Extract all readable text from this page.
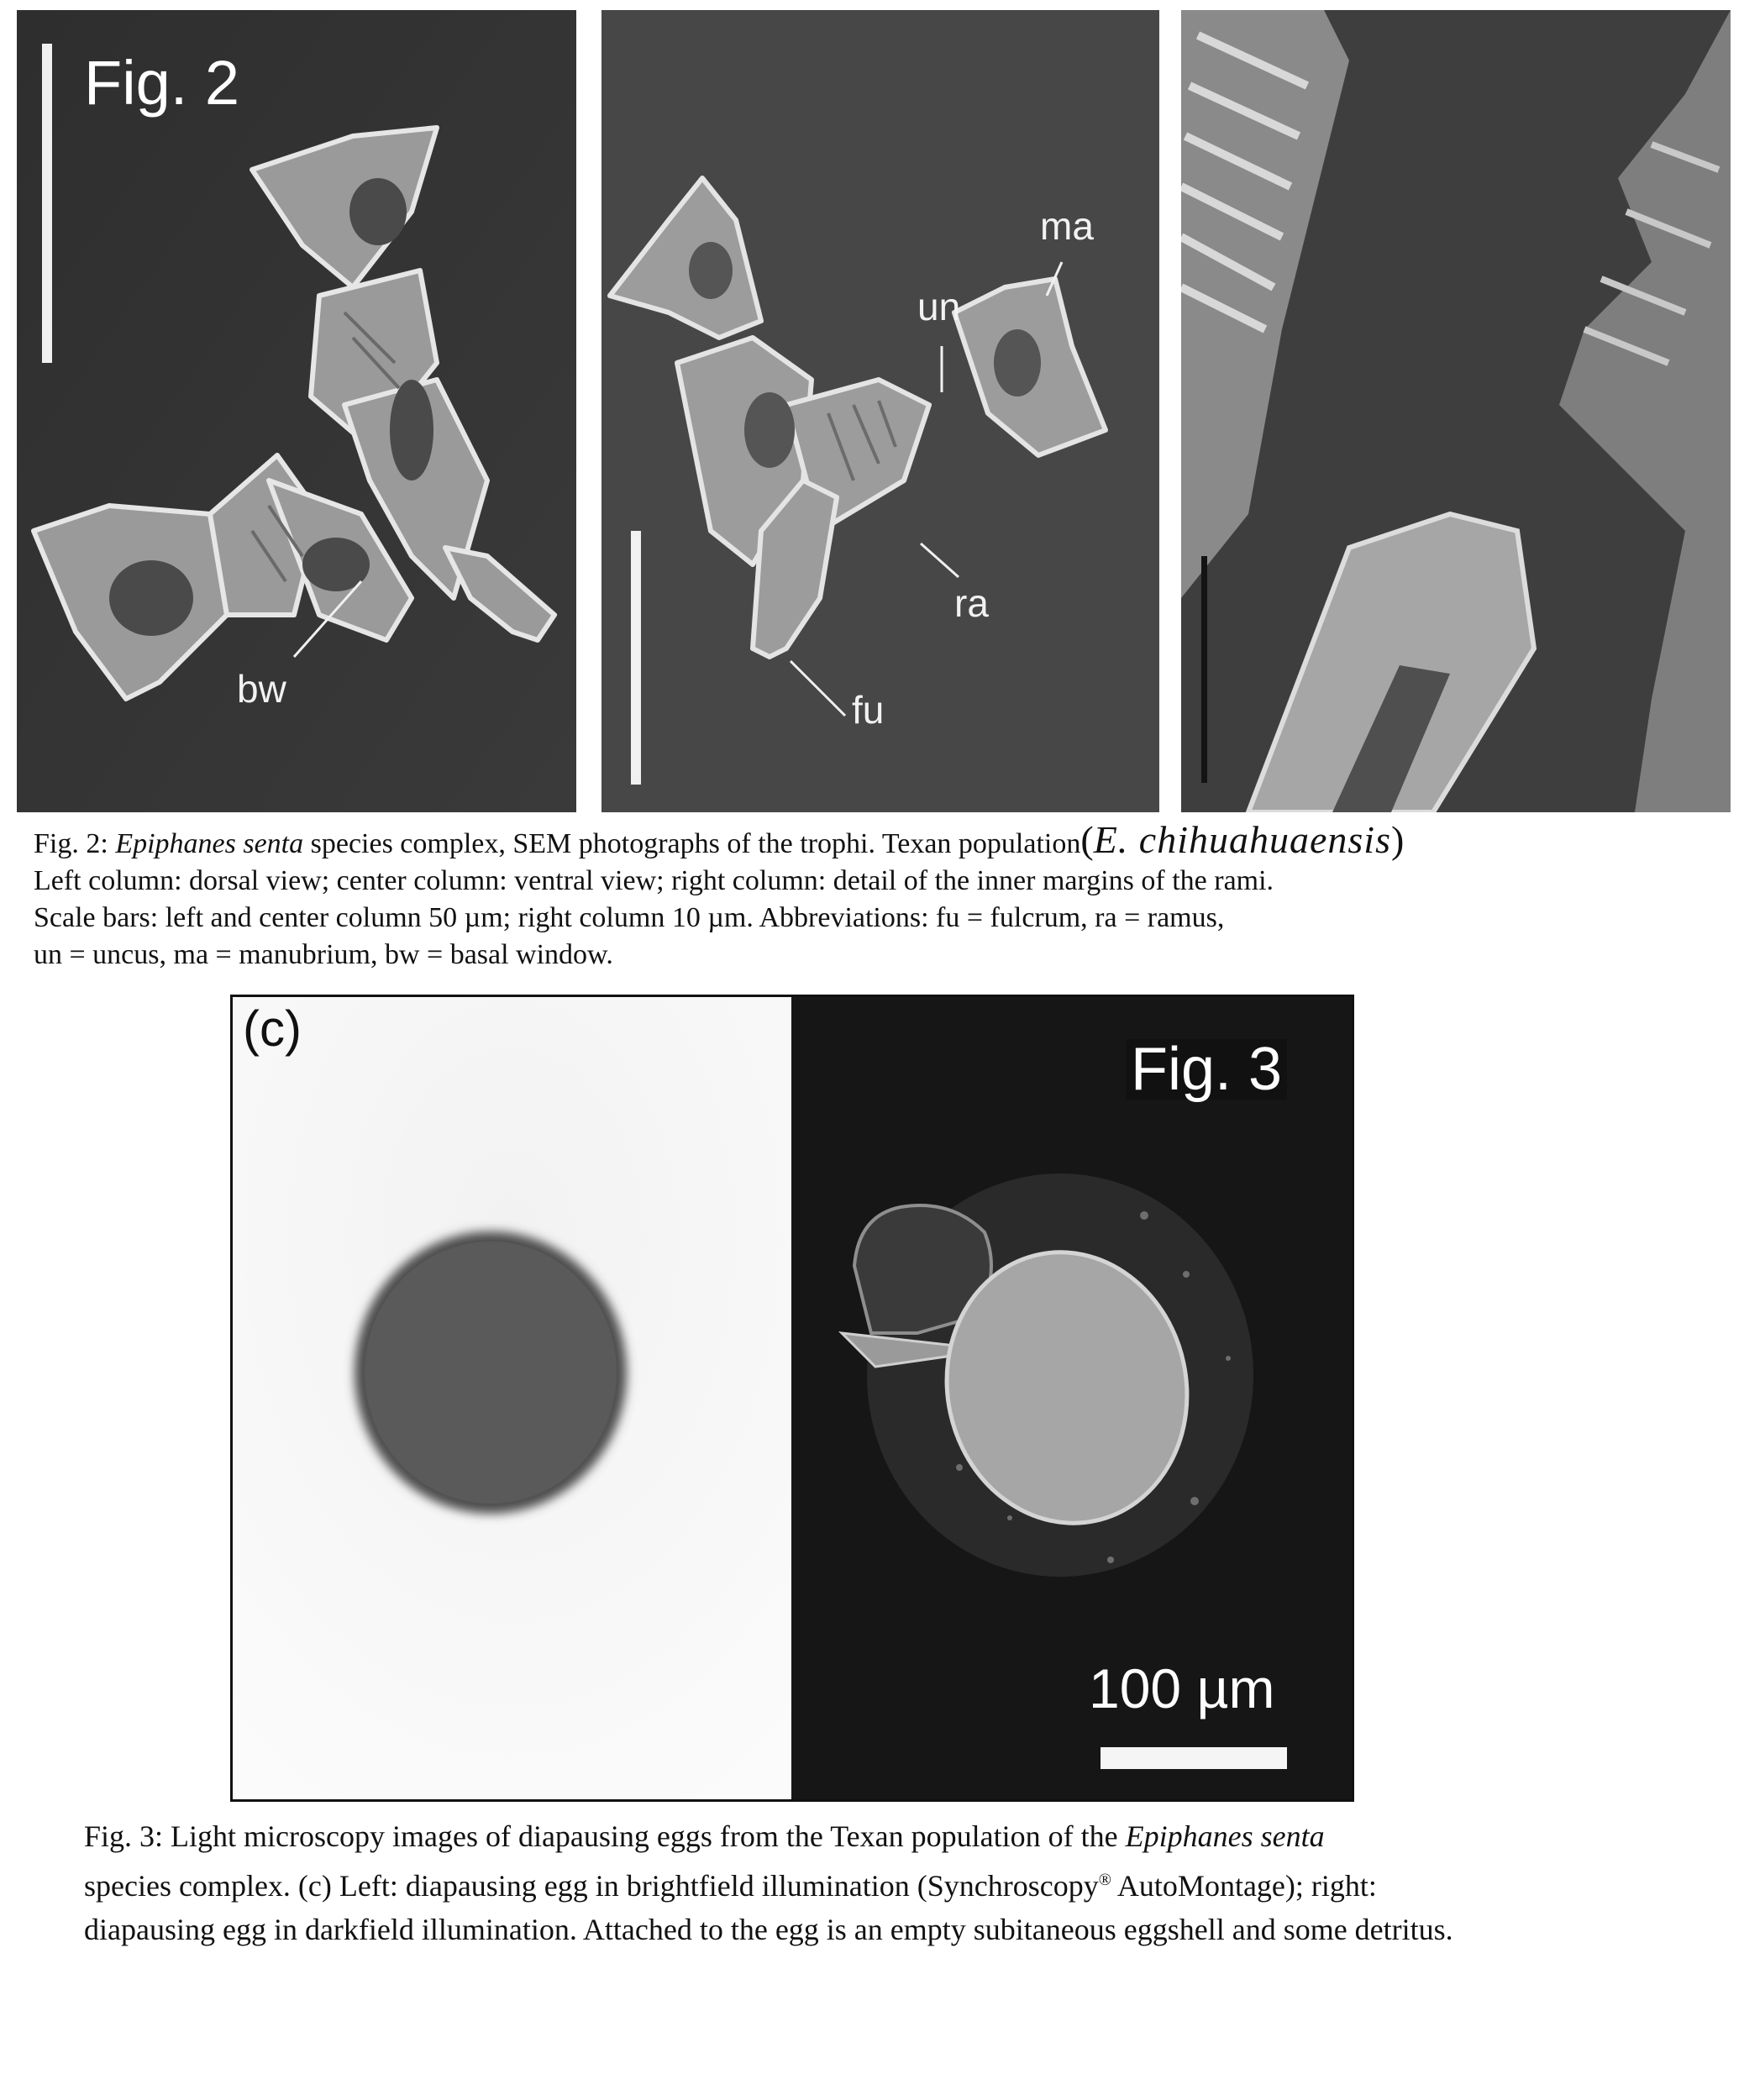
Fig. 2
bw	fu
ra
un
ma

Fig. 2: Epiphanes senta species complex, SEM photographs of the trophi. Texan population(E. chihuahuaensis)

Left column: dorsal view; center column: ventral view; right column: detail of the inner margins of the rami.

Scale bars: left and center column 50 µm; right column 10 µm. Abbreviations: fu = fulcrum, ra = ramus,

un = uncus, ma = manubrium, bw = basal window.

(c)
Fig. 3
100 µm

Fig. 3: Light microscopy images of diapausing eggs from the Texan population of the Epiphanes senta

species complex. (c) Left: diapausing egg in brightfield illumination (Synchroscopy® AutoMontage); right:

diapausing egg in darkfield illumination. Attached to the egg is an empty subitaneous eggshell and some detritus.
